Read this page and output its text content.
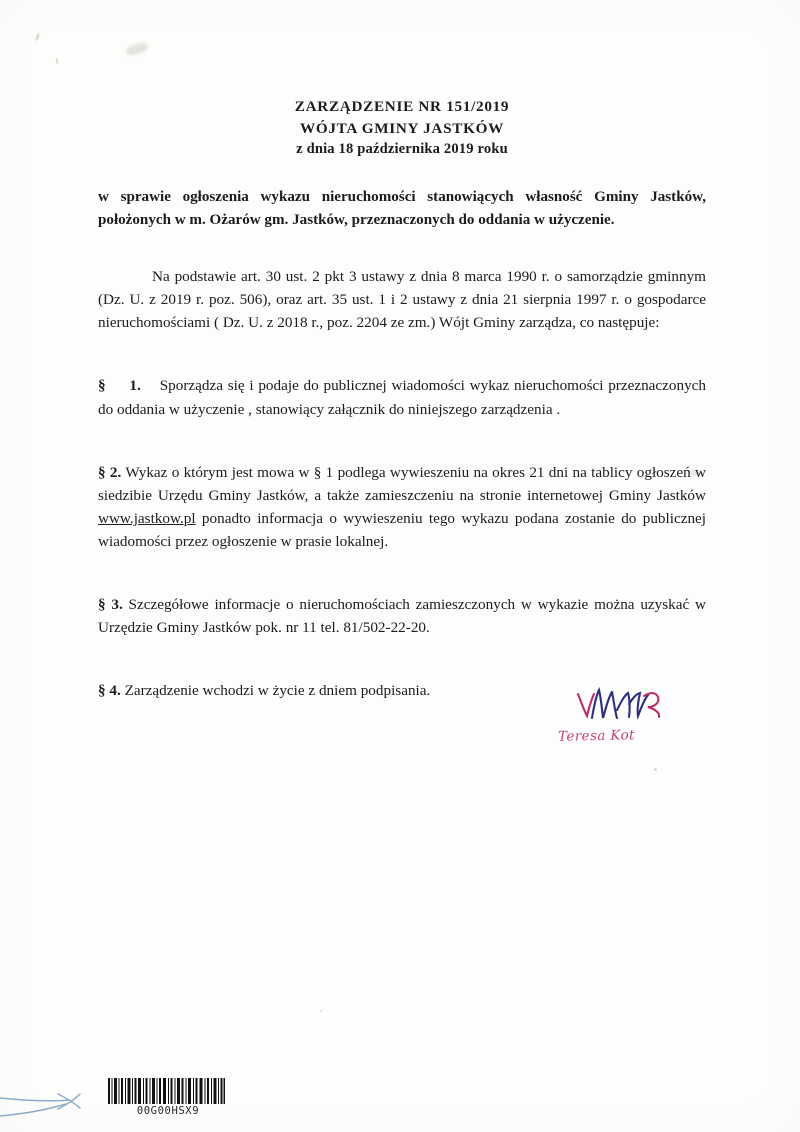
ZARZĄDZENIE NR 151/2019
WÓJTA GMINY JASTKÓW
z dnia 18 października 2019 roku
w sprawie ogłoszenia wykazu nieruchomości stanowiących własność Gminy Jastków, położonych w m. Ożarów gm. Jastków, przeznaczonych do oddania w użyczenie.
Na podstawie art. 30 ust. 2 pkt 3 ustawy z dnia 8 marca 1990 r. o samorządzie gminnym (Dz. U. z 2019 r. poz. 506), oraz art. 35 ust. 1 i 2 ustawy z dnia 21 sierpnia 1997 r. o gospodarce nieruchomościami ( Dz. U. z 2018 r., poz. 2204 ze zm.) Wójt Gminy zarządza, co następuje:
§ 1. Sporządza się i podaje do publicznej wiadomości wykaz nieruchomości przeznaczonych do oddania w użyczenie , stanowiący załącznik do niniejszego zarządzenia .
§ 2. Wykaz o którym jest mowa w § 1 podlega wywieszeniu na okres 21 dni na tablicy ogłoszeń w siedzibie Urzędu Gminy Jastków, a także zamieszczeniu na stronie internetowej Gminy Jastków www.jastkow.pl ponadto informacja o wywieszeniu tego wykazu podana zostanie do publicznej wiadomości przez ogłoszenie w prasie lokalnej.
§ 3. Szczegółowe informacje o nieruchomościach zamieszczonych w wykazie można uzyskać w Urzędzie Gminy Jastków pok. nr 11 tel. 81/502-22-20.
§ 4. Zarządzenie wchodzi w życie z dniem podpisania.
Teresa Kot
00G00HSX9
